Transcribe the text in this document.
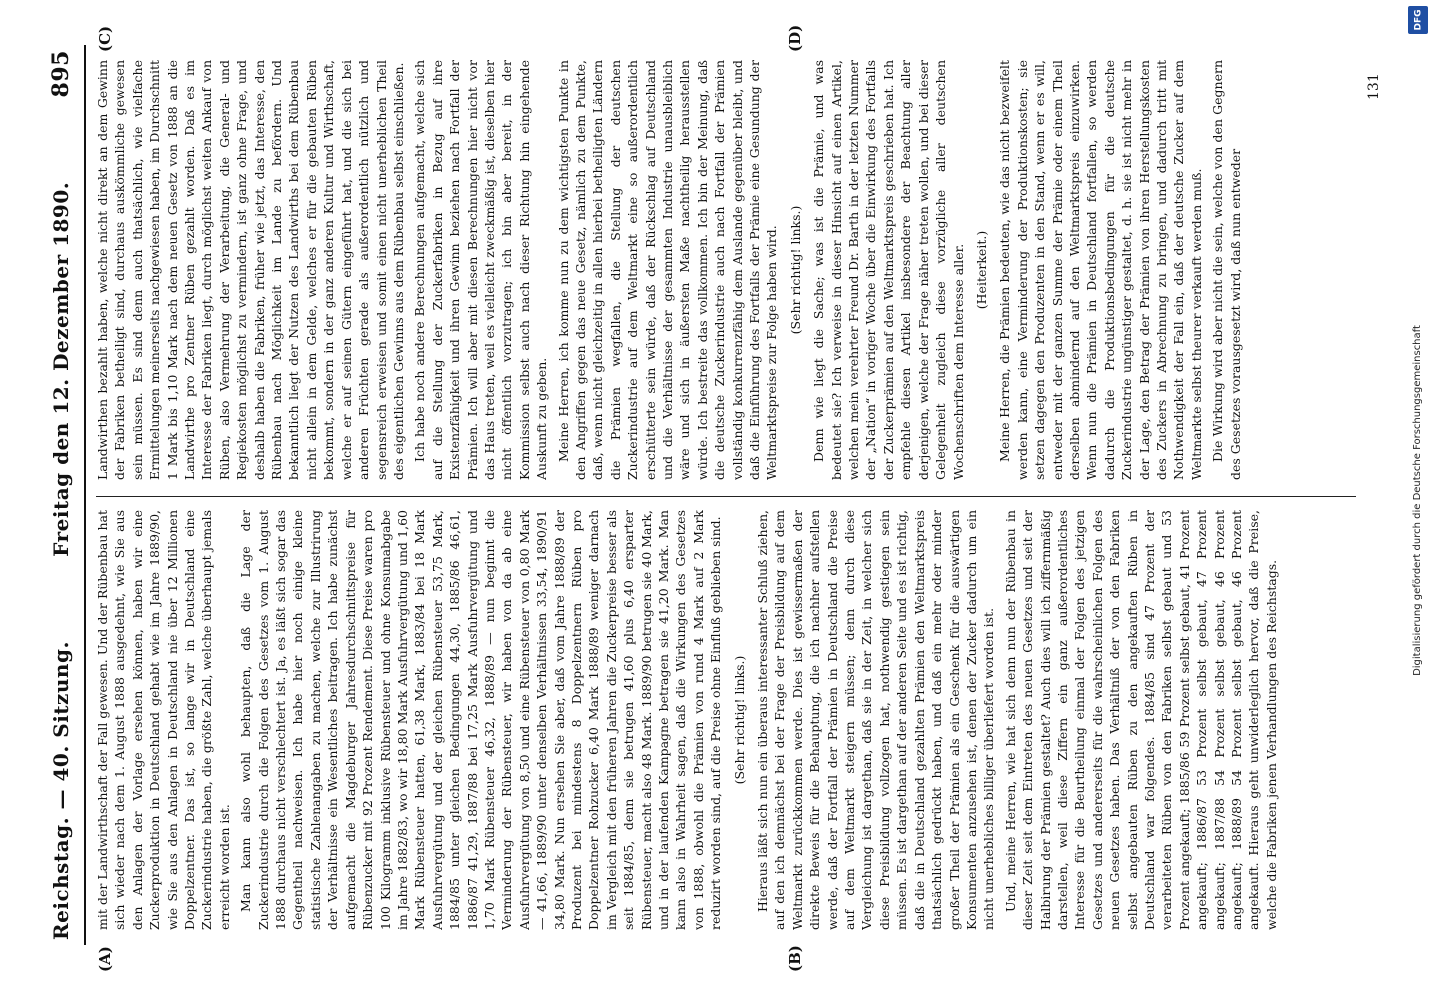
Reichstag. — 40. Sitzung.
Freitag den 12. Dezember 1890.
895
(A)	(B)
(C)	(D)

mit der Landwirthschaft der Fall gewesen. Und der Rübenbau hat sich wieder nach dem 1. August 1888 ausgedehnt, wie Sie aus den Anlagen der Vorlage ersehen können, haben wir eine Zuckerproduktion in Deutschland gehabt wie im Jahre 1889/90, wie Sie aus den Anlagen in Deutschland nie über 12 Millionen Doppelzentner. Das ist, so lange wir in Deutschland eine Zuckerindustrie haben, die größte Zahl, welche überhaupt jemals erreicht worden ist. Man kann also wohl behaupten, daß die Lage der Zuckerindustrie durch die Folgen des Gesetzes vom 1. August 1888 durchaus nicht verschlechtert ist. Ja, es läßt sich sogar das Gegentheil nachweisen. Ich habe hier noch einige kleine statistische Zahlenangaben zu machen, welche zur Illustrirung der Verhältnisse ein Wesentliches beitragen. Ich habe zunächst aufgemacht die Magdeburger Jahresdurchschnittspreise für Rübenzucker mit 92 Prozent Rendement. Diese Preise waren pro 100 Kilogramm inklusive Rübensteuer und ohne Konsumabgabe im Jahre 1882/83, wo wir 18,80 Mark Ausfuhrvergütung und 1,60 Mark Rübensteuer hatten, 61,38 Mark, 1883/84 bei 18 Mark Ausfuhrvergütung und der gleichen Rübensteuer 53,75 Mark, 1884/85 unter gleichen Bedingungen 44,30, 1885/86 46,61, 1886/87 41,29, 1887/88 bei 17,25 Mark Ausfuhrvergütung und 1,70 Mark Rübensteuer 46,32, 1888/89 — nun beginnt die Verminderung der Rübensteuer, wir haben von da ab eine Ausfuhrvergütung von 8,50 und eine Rübensteuer von 0,80 Mark — 41,66, 1889/90 unter denselben Verhältnissen 33,54, 1890/91 34,80 Mark. Nun ersehen Sie aber, daß vom Jahre 1888/89 der Produzent bei mindestens 8 Doppelzentnern Rüben pro Doppelzentner Rohzucker 6,40 Mark 1888/89 weniger darnach im Vergleich mit den früheren Jahren die Zuckerpreise besser als seit 1884/85, denn sie betrugen 41,60 plus 6,40 ersparter Rübensteuer, macht also 48 Mark. 1889/90 betrugen sie 40 Mark, und in der laufenden Kampagne betragen sie 41,20 Mark. Man kann also in Wahrheit sagen, daß die Wirkungen des Gesetzes von 1888, obwohl die Prämien von rund 4 Mark auf 2 Mark reduzirt worden sind, auf die Preise ohne Einfluß geblieben sind. (Sehr richtig! links.) Hieraus läßt sich nun ein überaus interessanter Schluß ziehen, auf den ich demnächst bei der Frage der Preisbildung auf dem Weltmarkt zurückkommen werde. Dies ist gewissermaßen der direkte Beweis für die Behauptung, die ich nachher aufstellen werde, daß der Fortfall der Prämien in Deutschland die Preise auf dem Weltmarkt steigern müssen; denn durch diese Vergleichung ist dargethan, daß sie in der Zeit, in welcher sich diese Preisbildung vollzogen hat, nothwendig gestiegen sein müssen. Es ist dargethan auf der anderen Seite und es ist richtig, daß die in Deutschland gezahlten Prämien den Weltmarktspreis thatsächlich gedrückt haben, und daß ein mehr oder minder großer Theil der Prämien als ein Geschenk für die auswärtigen Konsumenten anzusehen ist, denen der Zucker dadurch um ein nicht unerhebliches billiger überliefert worden ist. Und, meine Herren, wie hat sich denn nun der Rübenbau in dieser Zeit seit dem Eintreten des neuen Gesetzes und seit der Halbirung der Prämien gestaltet? Auch dies will ich ziffernmäßig darstellen, weil diese Ziffern ein ganz außerordentliches Interesse für die Beurtheilung einmal der Folgen des jetzigen Gesetzes und andererseits für die wahrscheinlichen Folgen des neuen Gesetzes haben. Das Verhältniß der von den Fabriken selbst angebauten Rüben zu den angekauften Rüben in Deutschland war folgendes. 1884/85 sind 47 Prozent der verarbeiteten Rüben von den Fabriken selbst gebaut und 53 Prozent angekauft; 1885/86 59 Prozent selbst gebaut, 41 Prozent angekauft; 1886/87 53 Prozent selbst gebaut, 47 Prozent angekauft; 1887/88 54 Prozent selbst gebaut, 46 Prozent angekauft; 1888/89 54 Prozent selbst gebaut, 46 Prozent angekauft. Hieraus geht unwiderleglich hervor, daß die Preise, welche die Fabriken jenen Verhandlungen des Reichstags.

Landwirthen bezahlt haben, welche nicht direkt an dem Gewinn der Fabriken betheiligt sind, durchaus auskömmliche gewesen sein müssen. Es sind denn auch thatsächlich, wie vielfache Ermittelungen meinerseits nachgewiesen haben, im Durchschnitt 1 Mark bis 1,10 Mark nach dem neuen Gesetz von 1888 an die Landwirthe pro Zentner Rüben gezahlt worden. Daß es im Interesse der Fabriken liegt, durch möglichst weiten Ankauf von Rüben, also Vermehrung der Verarbeitung, die General- und Regiekosten möglichst zu vermindern, ist ganz ohne Frage, und deshalb haben die Fabriken, früher wie jetzt, das Interesse, den Rübenbau nach Möglichkeit im Lande zu befördern. Und bekanntlich liegt der Nutzen des Landwirths bei dem Rübenbau nicht allein in dem Gelde, welches er für die gebauten Rüben bekommt, sondern in der ganz anderen Kultur und Wirthschaft, welche er auf seinen Gütern eingeführt hat, und die sich bei anderen Früchten gerade als außerordentlich nützlich und segensreich erweisen und somit einen nicht unerheblichen Theil des eigentlichen Gewinns aus dem Rübenbau selbst einschließen. Ich habe noch andere Berechnungen aufgemacht, welche sich auf die Stellung der Zuckerfabriken in Bezug auf ihre Existenzfähigkeit und ihren Gewinn beziehen nach Fortfall der Prämien. Ich will aber mit diesen Berechnungen hier nicht vor das Haus treten, weil es vielleicht zweckmäßig ist, dieselben hier nicht öffentlich vorzutragen; ich bin aber bereit, in der Kommission selbst auch nach dieser Richtung hin eingehende Auskunft zu geben. Meine Herren, ich komme nun zu dem wichtigsten Punkte in den Angriffen gegen das neue Gesetz, nämlich zu dem Punkte, daß, wenn nicht gleichzeitig in allen hierbei betheiligten Ländern die Prämien wegfallen, die Stellung der deutschen Zuckerindustrie auf dem Weltmarkt eine so außerordentlich erschütterte sein würde, daß der Rückschlag auf Deutschland und die Verhältnisse der gesammten Industrie unausbleiblich wäre und sich in äußersten Maße nachtheilig herausstellen würde. Ich bestreite das vollkommen. Ich bin der Meinung, daß die deutsche Zuckerindustrie auch nach Fortfall der Prämien vollständig konkurrenzfähig dem Auslande gegenüber bleibt, und daß die Einführung des Fortfalls der Prämie eine Gesundung der Weltmarktspreise zur Folge haben wird. (Sehr richtig! links.) Denn wie liegt die Sache; was ist die Prämie, und was bedeutet sie? Ich verweise in dieser Hinsicht auf einen Artikel, welchen mein verehrter Freund Dr. Barth in der letzten Nummer der „Nation“ in voriger Woche über die Einwirkung des Fortfalls der Zuckerprämien auf den Weltmarktspreis geschrieben hat. Ich empfehle diesen Artikel insbesondere der Beachtung aller derjenigen, welche der Frage näher treten wollen, und bei dieser Gelegenheit zugleich diese vorzügliche aller deutschen Wochenschriften dem Interesse aller. (Heiterkeit.) Meine Herren, die Prämien bedeuten, wie das nicht bezweifelt werden kann, eine Verminderung der Produktionskosten; sie setzen dagegen den Produzenten in den Stand, wenn er es will, entweder mit der ganzen Summe der Prämie oder einem Theil derselben abmindernd auf den Weltmarktspreis einzuwirken. Wenn nun die Prämien in Deutschland fortfallen, so werden dadurch die Produktionsbedingungen für die deutsche Zuckerindustrie ungünstiger gestaltet, d. h. sie ist nicht mehr in der Lage, den Betrag der Prämien von ihren Herstellungskosten des Zuckers in Abrechnung zu bringen, und dadurch tritt mit Nothwendigkeit der Fall ein, daß der deutsche Zucker auf dem Weltmarkte selbst theurer verkauft werden muß. Die Wirkung wird aber nicht die sein, welche von den Gegnern des Gesetzes vorausgesetzt wird, daß nun entweder

131
DFG
Digitalisierung gefördert durch die Deutsche Forschungsgemeinschaft
